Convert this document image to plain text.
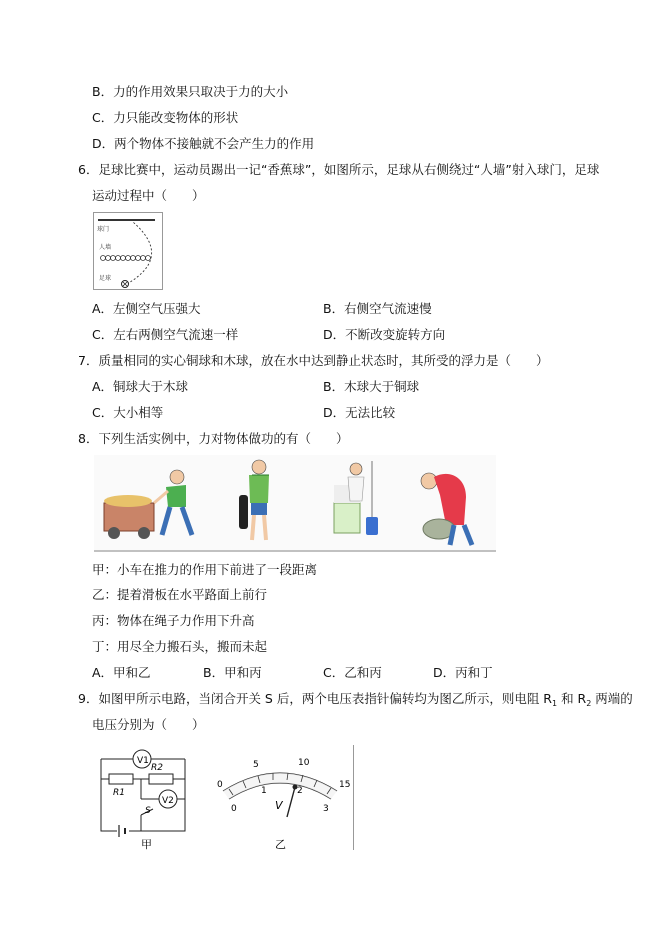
B．力的作用效果只取决于力的大小
C．力只能改变物体的形状
D．两个物体不接触就不会产生力的作用
6．足球比赛中，运动员踢出一记“香蕉球”，如图所示，足球从右侧绕过“人墙”射入球门，足球
运动过程中（　　）
球门
人墙
足球
A．左侧空气压强大	B．右侧空气流速慢
C．左右两侧空气流速一样	D．不断改变旋转方向
7．质量相同的实心铜球和木球，放在水中达到静止状态时，其所受的浮力是（　　）
A．铜球大于木球	B．木球大于铜球
C．大小相等	D．无法比较
8．下列生活实例中，力对物体做功的有（　　）
甲：小车在推力的作用下前进了一段距离
乙：提着滑板在水平路面上前行
丙：物体在绳子力作用下升高
丁：用尽全力搬石头，搬而未起
A．甲和乙	B．甲和丙	C．乙和丙	D．丙和丁
9．如图甲所示电路，当闭合开关 S 后，两个电压表指针偏转均为图乙所示，则电阻 $R_1$ 和 $R_2$ 两端的
电压分别为（　　）
V1
V2
R2
R1
S
甲
0
5	10
15
0
1	2
3
V
乙
